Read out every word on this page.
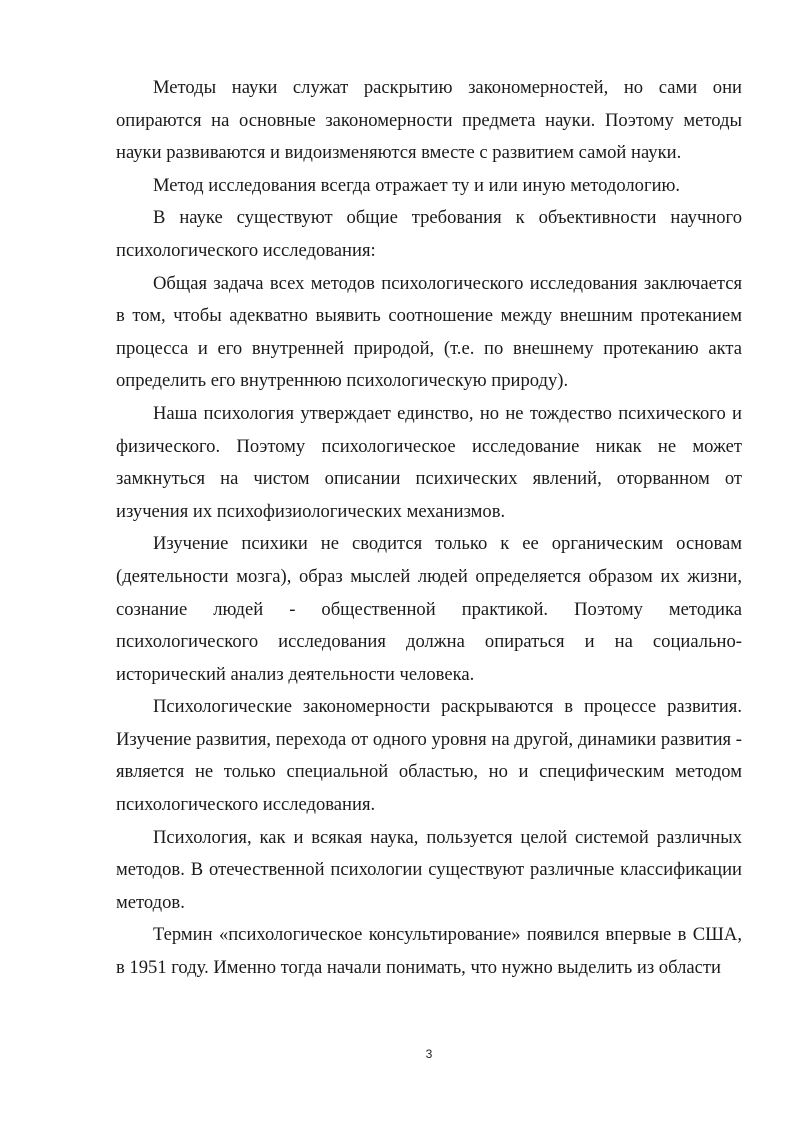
Методы науки служат раскрытию закономерностей, но сами они опираются на основные закономерности предмета науки. Поэтому методы науки развиваются и видоизменяются вместе с развитием самой науки.

Метод исследования всегда отражает ту и или иную методологию.

В науке существуют общие требования к объективности научного психологического исследования:

Общая задача всех методов психологического исследования заключается в том, чтобы адекватно выявить соотношение между внешним протеканием процесса и его внутренней природой, (т.е. по внешнему протеканию акта определить его внутреннюю психологическую природу).

Наша психология утверждает единство, но не тождество психического и физического. Поэтому психологическое исследование никак не может замкнуться на чистом описании психических явлений, оторванном от изучения их психофизиологических механизмов.

Изучение психики не сводится только к ее органическим основам (деятельности мозга), образ мыслей людей определяется образом их жизни, сознание людей - общественной практикой. Поэтому методика психологического исследования должна опираться и на социально-исторический анализ деятельности человека.

Психологические закономерности раскрываются в процессе развития. Изучение развития, перехода от одного уровня на другой, динамики развития - является не только специальной областью, но и специфическим методом психологического исследования.

Психология, как и всякая наука, пользуется целой системой различных методов. В отечественной психологии существуют различные классификации методов.

Термин «психологическое консультирование» появился впервые в США, в 1951 году. Именно тогда начали понимать, что нужно выделить из области

3
